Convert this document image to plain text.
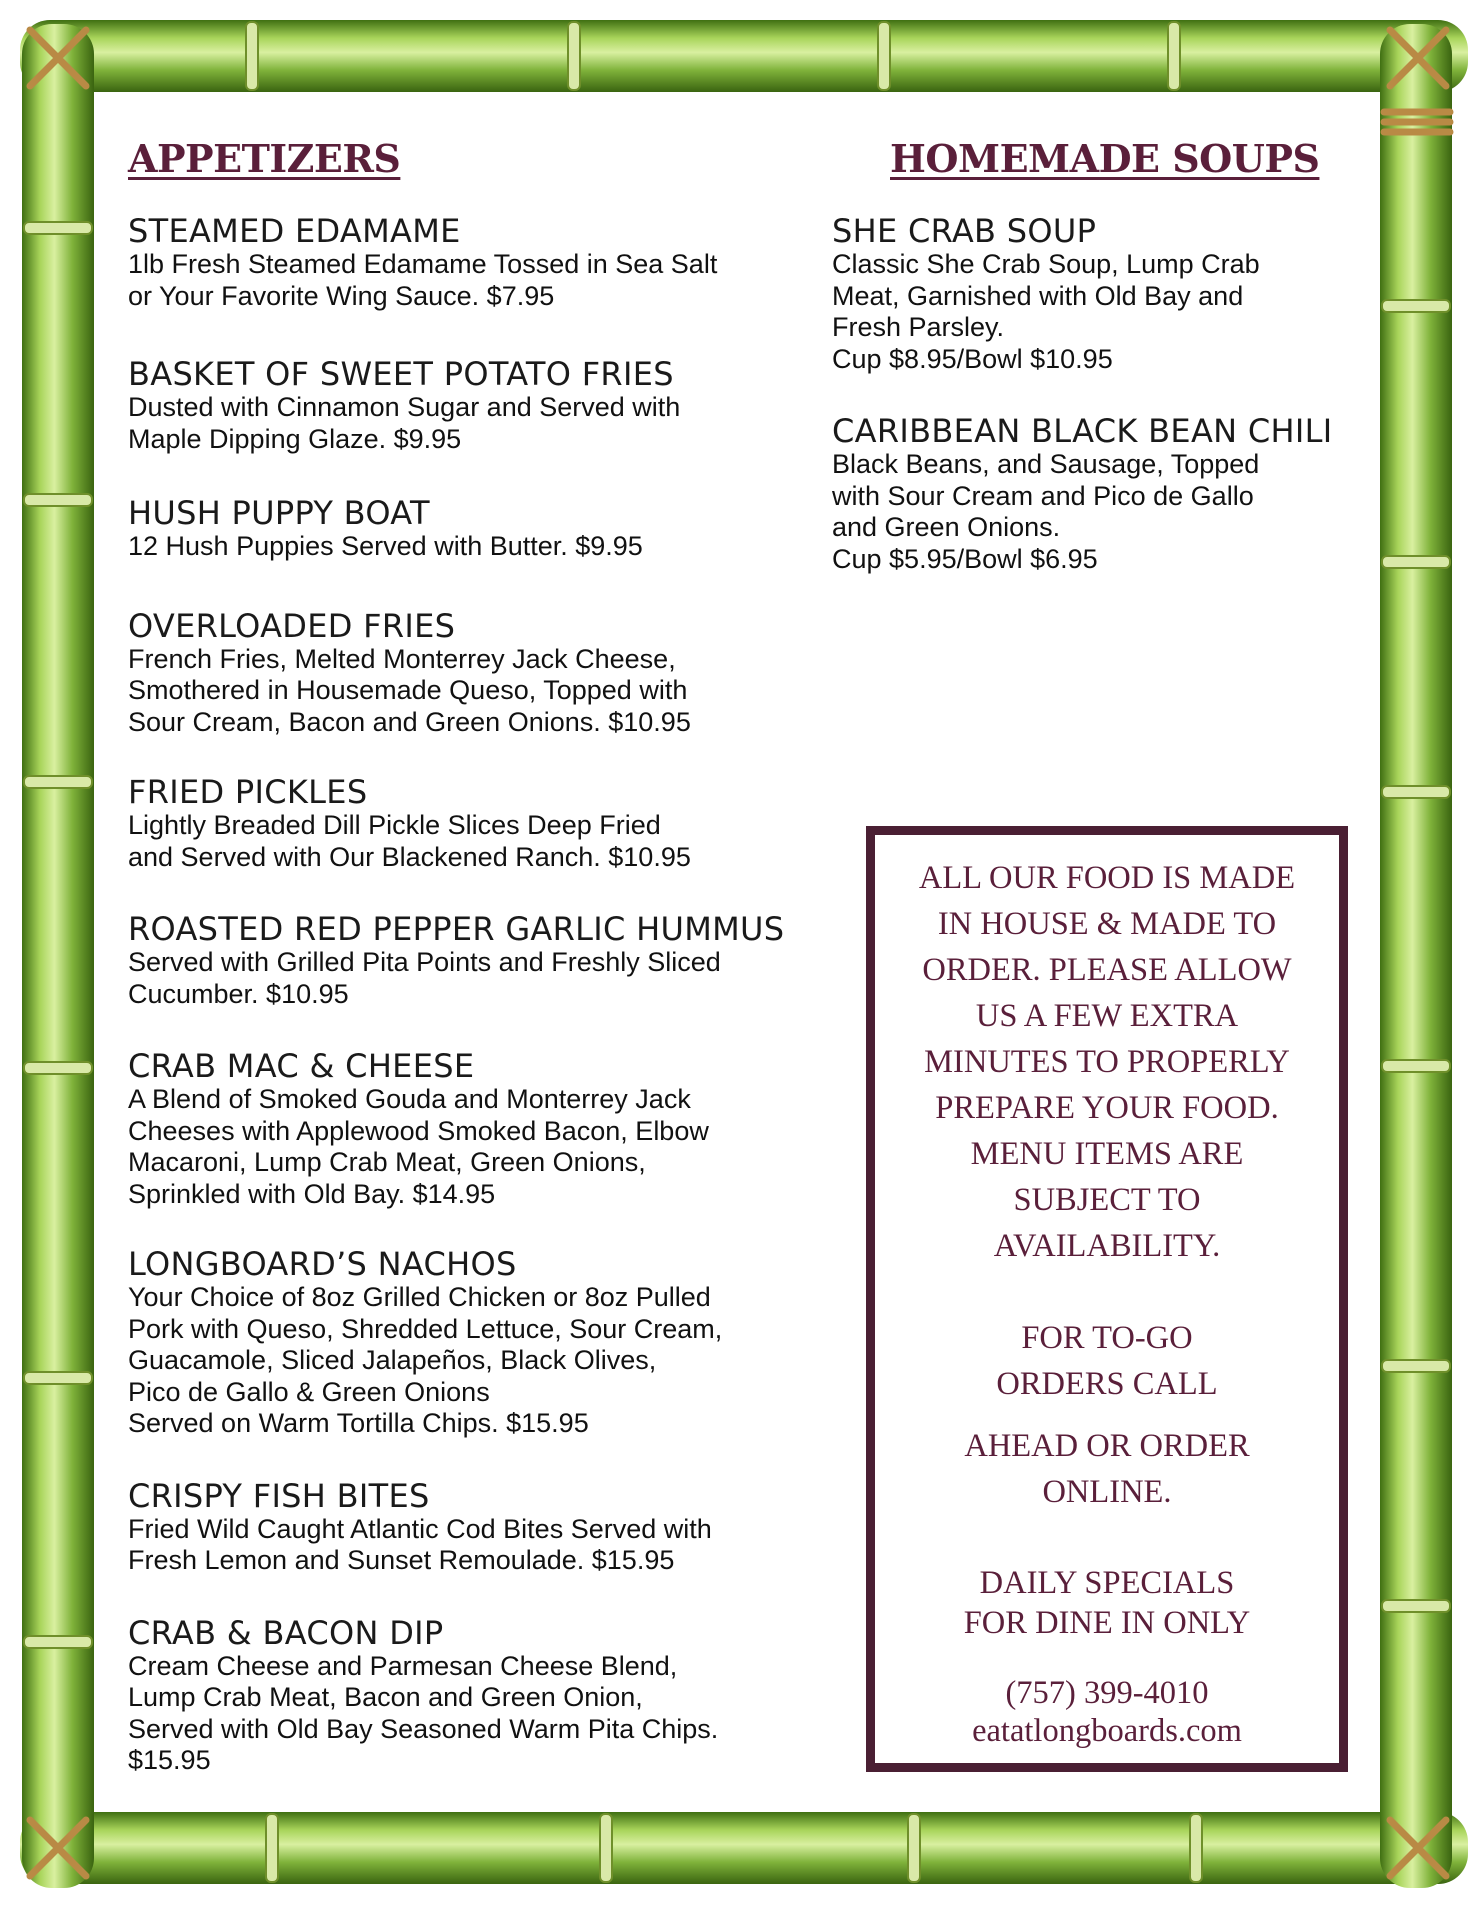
APPETIZERS	HOMEMADE SOUPS
STEAMED EDAMAME
1lb Fresh Steamed Edamame Tossed in Sea Salt
or Your Favorite Wing Sauce. $7.95
BASKET OF SWEET POTATO FRIES
Dusted with Cinnamon Sugar and Served with
Maple Dipping Glaze. $9.95
HUSH PUPPY BOAT
12 Hush Puppies Served with Butter. $9.95
OVERLOADED FRIES
French Fries, Melted Monterrey Jack Cheese,
Smothered in Housemade Queso, Topped with
Sour Cream, Bacon and Green Onions. $10.95
FRIED PICKLES
Lightly Breaded Dill Pickle Slices Deep Fried
and Served with Our Blackened Ranch. $10.95
ROASTED RED PEPPER GARLIC HUMMUS
Served with Grilled Pita Points and Freshly Sliced
Cucumber. $10.95
CRAB MAC & CHEESE
A Blend of Smoked Gouda and Monterrey Jack
Cheeses with Applewood Smoked Bacon, Elbow
Macaroni, Lump Crab Meat, Green Onions,
Sprinkled with Old Bay. $14.95
LONGBOARD’S NACHOS
Your Choice of 8oz Grilled Chicken or 8oz Pulled
Pork with Queso, Shredded Lettuce, Sour Cream,
Guacamole, Sliced Jalapeños, Black Olives,
Pico de Gallo & Green Onions
Served on Warm Tortilla Chips. $15.95
CRISPY FISH BITES
Fried Wild Caught Atlantic Cod Bites Served with
Fresh Lemon and Sunset Remoulade. $15.95
CRAB & BACON DIP
Cream Cheese and Parmesan Cheese Blend,
Lump Crab Meat, Bacon and Green Onion,
Served with Old Bay Seasoned Warm Pita Chips.
$15.95
SHE CRAB SOUP
Classic She Crab Soup, Lump Crab
Meat, Garnished with Old Bay and
Fresh Parsley.
Cup $8.95/Bowl $10.95
CARIBBEAN BLACK BEAN CHILI
Black Beans, and Sausage, Topped
with Sour Cream and Pico de Gallo
and Green Onions.
Cup $5.95/Bowl $6.95
ALL OUR FOOD IS MADE
IN HOUSE & MADE TO
ORDER. PLEASE ALLOW
US A FEW EXTRA
MINUTES TO PROPERLY
PREPARE YOUR FOOD.
MENU ITEMS ARE
SUBJECT TO
AVAILABILITY.
FOR TO-GO
ORDERS CALL
AHEAD OR ORDER
ONLINE.
DAILY SPECIALS
FOR DINE IN ONLY
(757) 399-4010
eatatlongboards.com
